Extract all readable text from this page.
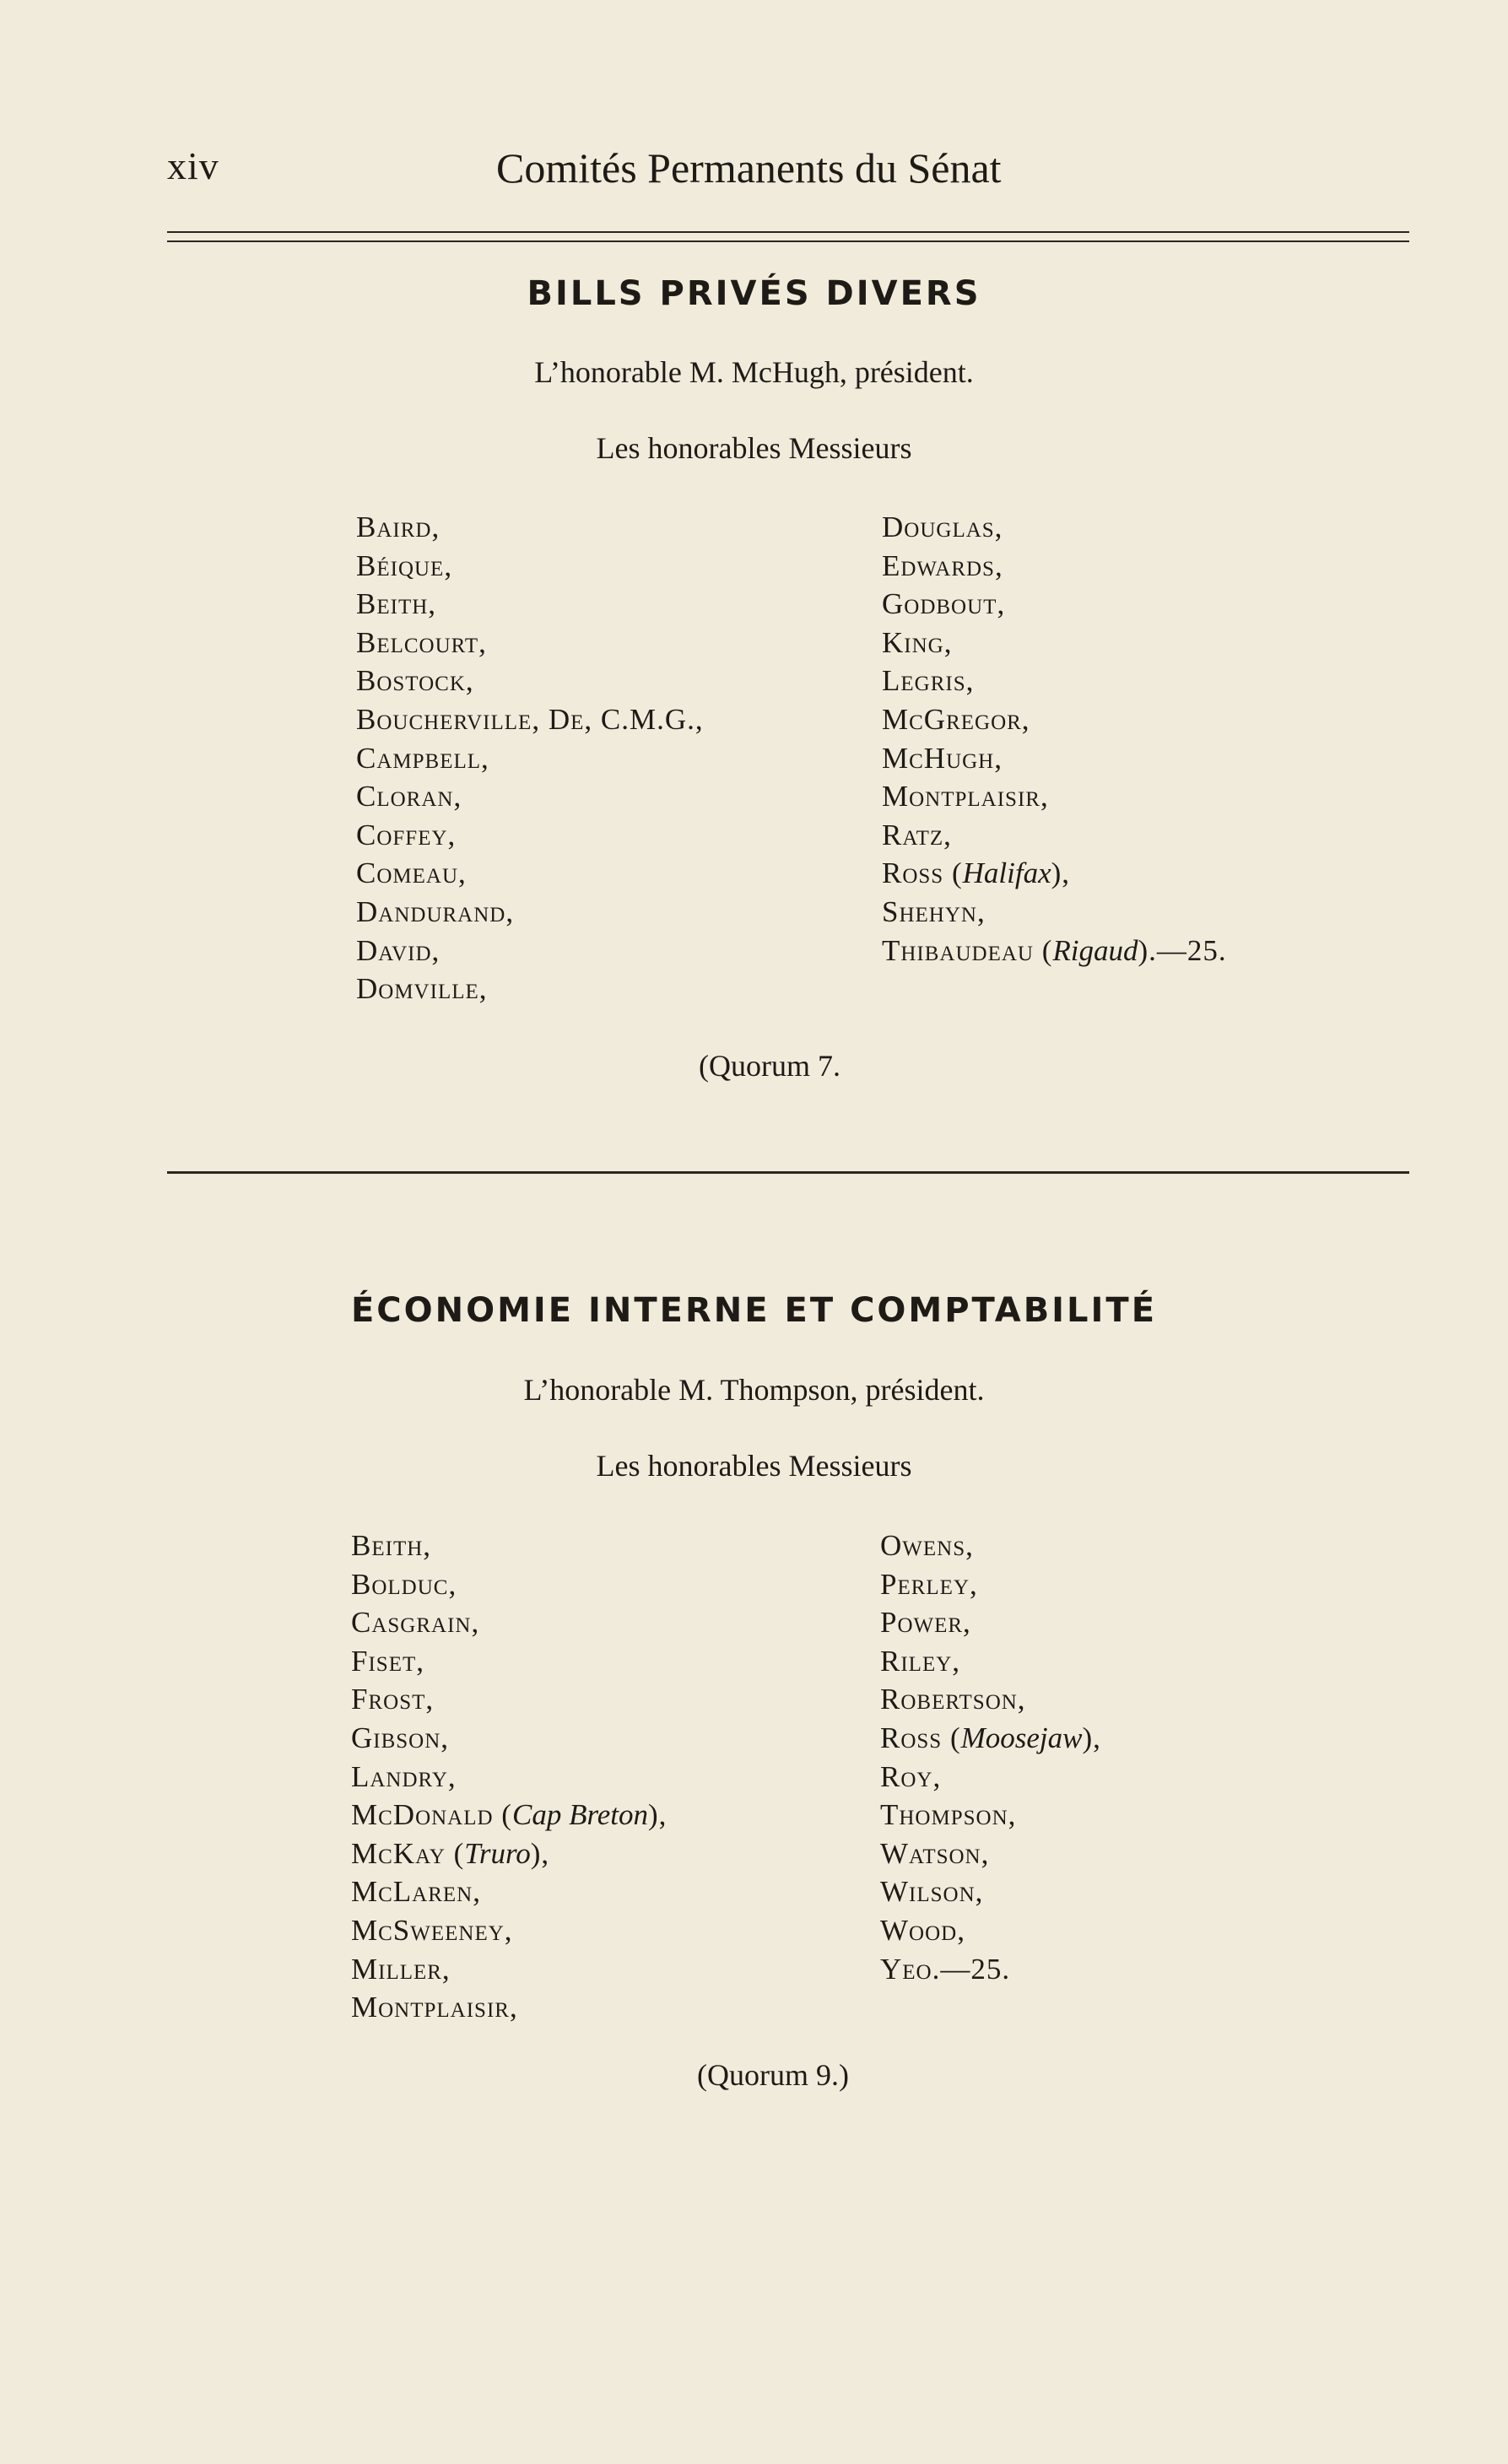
xiv	Comités Permanents du Sénat
BILLS PRIVÉS DIVERS
L’honorable M. McHugh, président.
Les honorables Messieurs
Baird,
Béique,
Beith,
Belcourt,
Bostock,
Boucherville, De, C.M.G.,
Campbell,
Cloran,
Coffey,
Comeau,
Dandurand,
David,
Domville,
Douglas,
Edwards,
Godbout,
King,
Legris,
McGregor,
McHugh,
Montplaisir,
Ratz,
Ross (Halifax),
Shehyn,
Thibaudeau (Rigaud).—25.
(Quorum 7.
ÉCONOMIE INTERNE ET COMPTABILITÉ
L’honorable M. Thompson, président.
Les honorables Messieurs
Beith,
Bolduc,
Casgrain,
Fiset,
Frost,
Gibson,
Landry,
McDonald (Cap Breton),
McKay (Truro),
McLaren,
McSweeney,
Miller,
Montplaisir,
Owens,
Perley,
Power,
Riley,
Robertson,
Ross (Moosejaw),
Roy,
Thompson,
Watson,
Wilson,
Wood,
Yeo.—25.
(Quorum 9.)
